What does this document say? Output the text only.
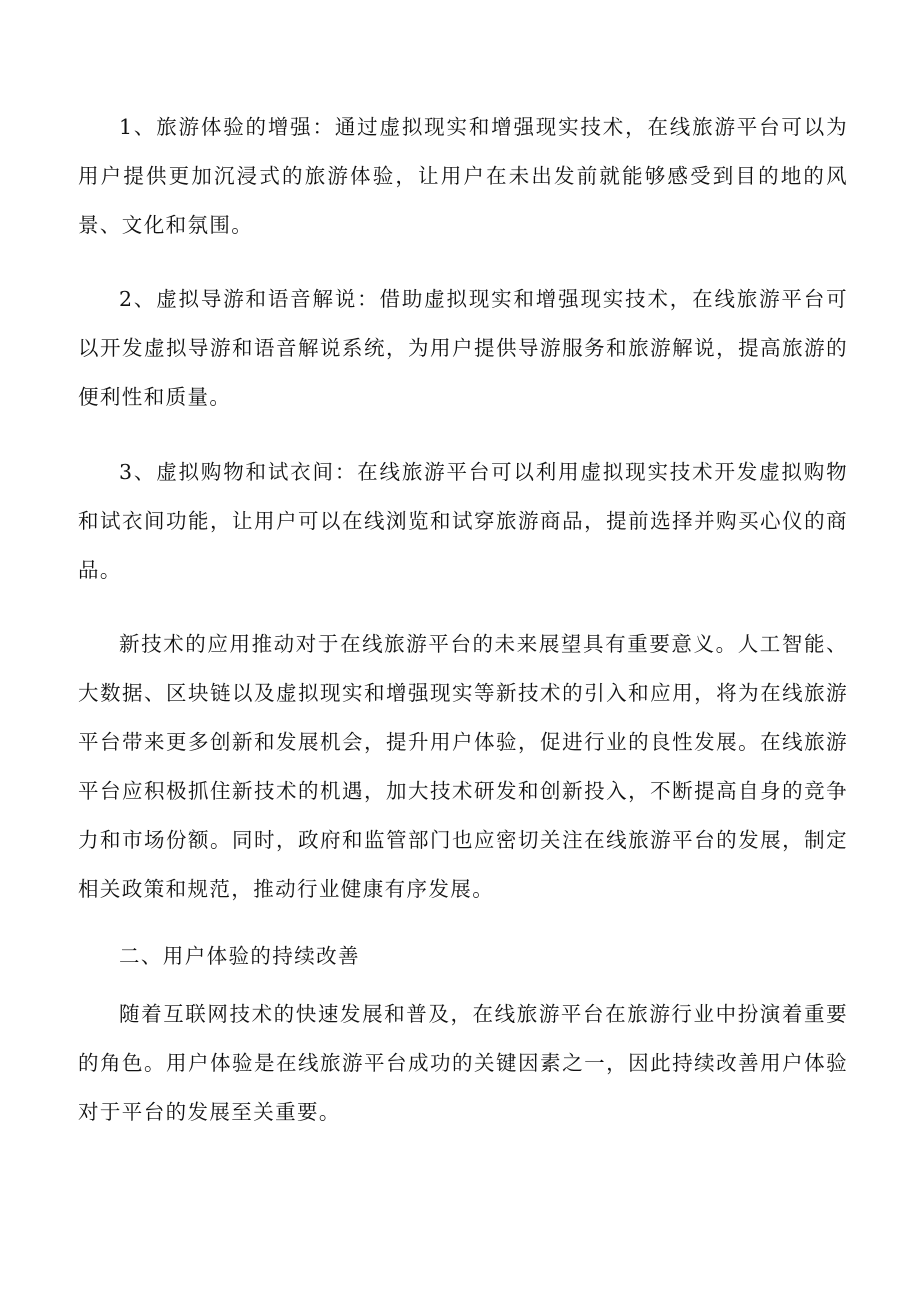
1、旅游体验的增强：通过虚拟现实和增强现实技术，在线旅游平台可以为用户提供更加沉浸式的旅游体验，让用户在未出发前就能够感受到目的地的风景、文化和氛围。

2、虚拟导游和语音解说：借助虚拟现实和增强现实技术，在线旅游平台可以开发虚拟导游和语音解说系统，为用户提供导游服务和旅游解说，提高旅游的便利性和质量。

3、虚拟购物和试衣间：在线旅游平台可以利用虚拟现实技术开发虚拟购物和试衣间功能，让用户可以在线浏览和试穿旅游商品，提前选择并购买心仪的商品。

新技术的应用推动对于在线旅游平台的未来展望具有重要意义。人工智能、大数据、区块链以及虚拟现实和增强现实等新技术的引入和应用，将为在线旅游平台带来更多创新和发展机会，提升用户体验，促进行业的良性发展。在线旅游平台应积极抓住新技术的机遇，加大技术研发和创新投入，不断提高自身的竞争力和市场份额。同时，政府和监管部门也应密切关注在线旅游平台的发展，制定相关政策和规范，推动行业健康有序发展。

二、用户体验的持续改善

随着互联网技术的快速发展和普及，在线旅游平台在旅游行业中扮演着重要的角色。用户体验是在线旅游平台成功的关键因素之一，因此持续改善用户体验对于平台的发展至关重要。
